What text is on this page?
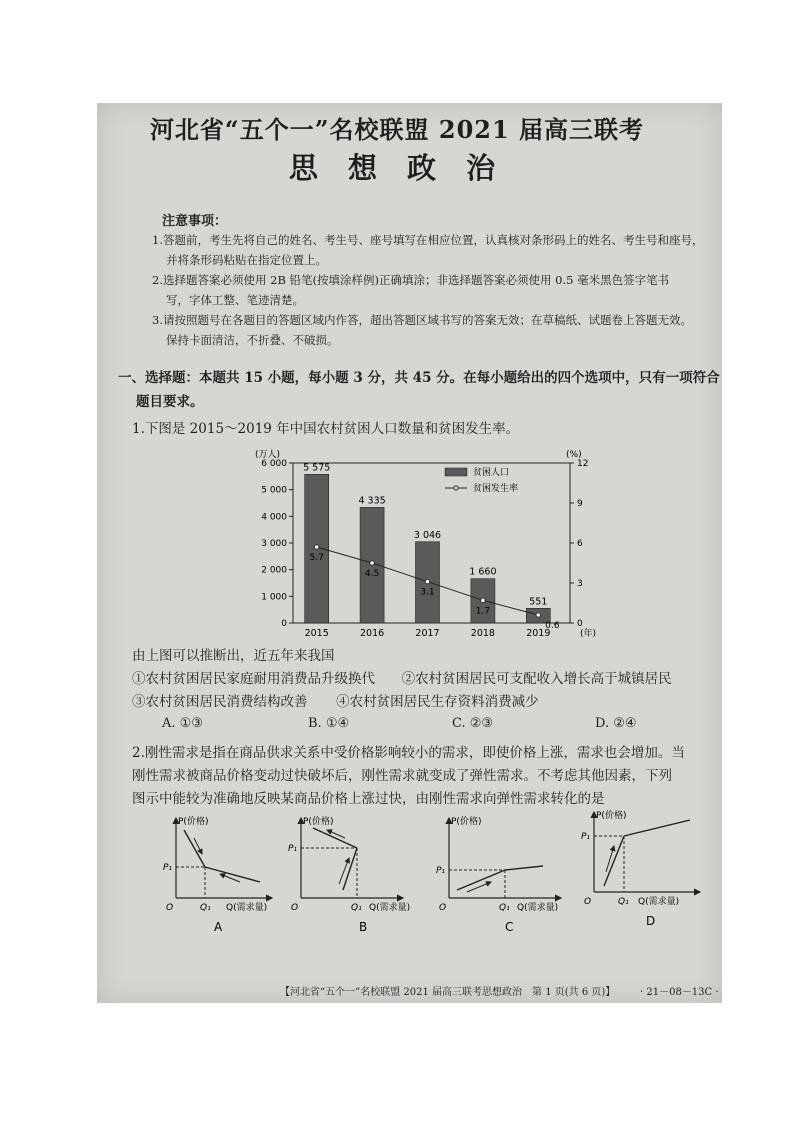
河北省“五个一”名校联盟 2021 届高三联考
思 想 政 治
注意事项：
1.答题前，考生先将自己的姓名、考生号、座号填写在相应位置，认真核对条形码上的姓名、考生号和座号，
并将条形码粘贴在指定位置上。
2.选择题答案必须使用 2B 铅笔(按填涂样例)正确填涂；非选择题答案必须使用 0.5 毫米黑色签字笔书
写，字体工整、笔迹清楚。
3.请按照题号在各题目的答题区域内作答，超出答题区域书写的答案无效；在草稿纸、试题卷上答题无效。
保持卡面清洁，不折叠、不破损。
一、选择题：本题共 15 小题，每小题 3 分，共 45 分。在每小题给出的四个选项中，只有一项符合
题目要求。
1.下图是 2015～2019 年中国农村贫困人口数量和贫困发生率。
0
1 000
2 000
3 000
4 000
5 000
6 000
0
3
6
9
12
(万人)	(%)
5 575
2015
4 335
2016
3 046
2017
1 660
2018
551
2019	(年)
5.7
4.5
3.1
1.7
0.6
贫困人口
贫困发生率
由上图可以推断出，近五年来我国
①农村贫困居民家庭耐用消费品升级换代 ②农村贫困居民可支配收入增长高于城镇居民
③农村贫困居民消费结构改善 ④农村贫困居民生存资料消费减少
A. ①③	B. ①④	C. ②③	D. ②④
2.刚性需求是指在商品供求关系中受价格影响较小的需求，即使价格上涨，需求也会增加。当
刚性需求被商品价格变动过快破坏后，刚性需求就变成了弹性需求。不考虑其他因素，下列
图示中能较为准确地反映某商品价格上涨过快，由刚性需求向弹性需求转化的是
P(价格)
P₁
Q₁ Q(需求量)
O
A
P(价格)
P₁
Q₁ Q(需求量)
O
B
P(价格)
P₁
Q₁ Q(需求量)
O
C
P(价格)
P₁
Q₁ Q(需求量)
O
D
【河北省“五个一”名校联盟 2021 届高三联考思想政治　第 1 页(共 6 页)】 · 21－08－13C ·
